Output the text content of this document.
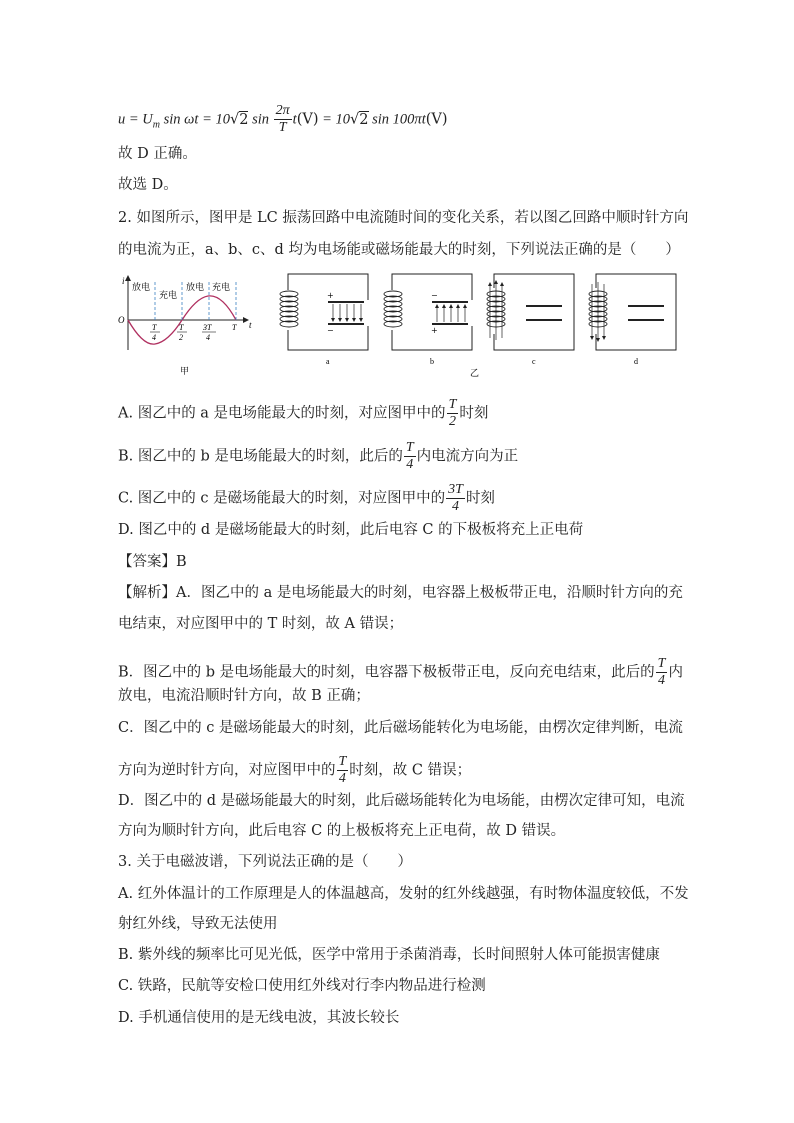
$u = U_m$ sin ωt = 10√2 $\sin \frac{2\pi}{T} t(V) = 10√2$ sin 100πt(V)
故 D 正确。
故选 D。
2. 如图所示，图甲是 LC 振荡回路中电流随时间的变化关系，若以图乙回路中顺时针方向
的电流为正，a、b、c、d 均为电场能或磁场能最大的时刻，下列说法正确的是（　　）
i
t
O
放电
充电
放电 充电
T
4
T
2
3T
4
T
甲
+
−
a
−
+
b	c	d
乙
A. 图乙中的 a 是电场能最大的时刻，对应图甲中的 $\frac{T}{2}$ 时刻
B. 图乙中的 b 是电场能最大的时刻，此后的 $\frac{T}{4}$ 内电流方向为正
C. 图乙中的 c 是磁场能最大的时刻，对应图甲中的 $\frac{3T}{4}$ 时刻
D. 图乙中的 d 是磁场能最大的时刻，此后电容 C 的下极板将充上正电荷
【答案】B
【解析】A．图乙中的 a 是电场能最大的时刻，电容器上极板带正电，沿顺时针方向的充
电结束，对应图甲中的 T 时刻，故 A 错误；
B．图乙中的 b 是电场能最大的时刻，电容器下极板带正电，反向充电结束，此后的 $\frac{T}{4}$ 内
放电，电流沿顺时针方向，故 B 正确；
C．图乙中的 c 是磁场能最大的时刻，此后磁场能转化为电场能，由楞次定律判断，电流
方向为逆时针方向，对应图甲中的 $\frac{T}{4}$ 时刻，故 C 错误；
D．图乙中的 d 是磁场能最大的时刻，此后磁场能转化为电场能，由楞次定律可知，电流
方向为顺时针方向，此后电容 C 的上极板将充上正电荷，故 D 错误。
3. 关于电磁波谱，下列说法正确的是（　　）
A. 红外体温计的工作原理是人的体温越高，发射的红外线越强，有时物体温度较低，不发
射红外线，导致无法使用
B. 紫外线的频率比可见光低，医学中常用于杀菌消毒，长时间照射人体可能损害健康
C. 铁路，民航等安检口使用红外线对行李内物品进行检测
D. 手机通信使用的是无线电波，其波长较长
